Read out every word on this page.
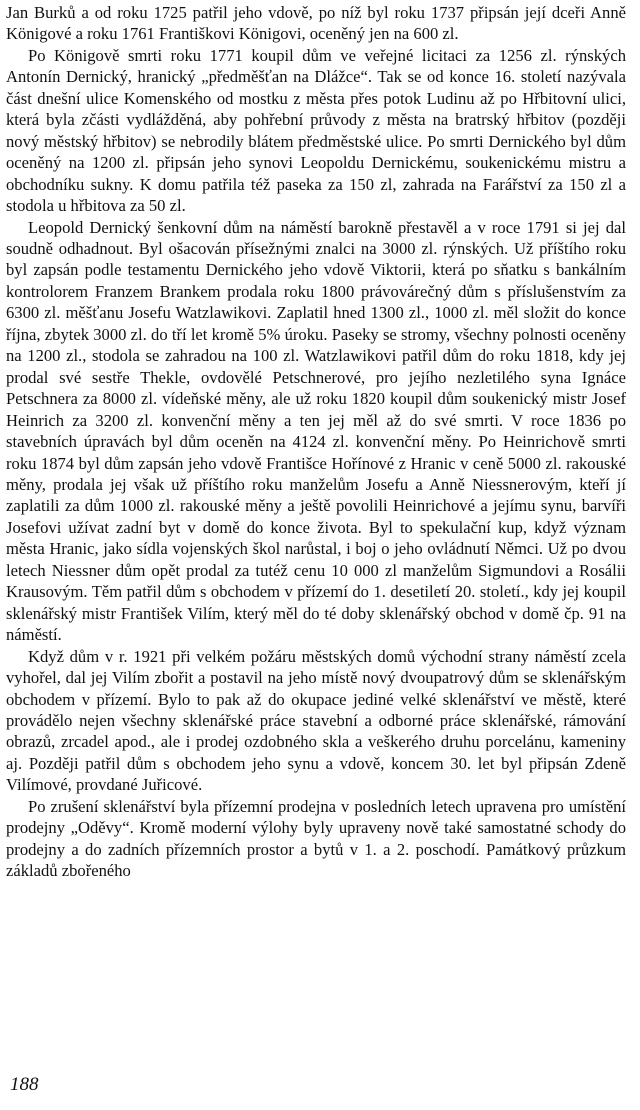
Jan Burků a od roku 1725 patřil jeho vdově, po níž byl roku 1737 připsán její dceři Anně Königové a roku 1761 Františkovi Königovi, oceněný jen na 600 zl.

Po Königově smrti roku 1771 koupil dům ve veřejné licitaci za 1256 zl. rýnských Antonín Dernický, hranický „předměšťan na Dlážce“. Tak se od konce 16. století nazývala část dnešní ulice Komenského od mostku z města přes potok Ludinu až po Hřbitovní ulici, která byla zčásti vydlážděná, aby pohřební průvody z města na bratrský hřbitov (později nový městský hřbitov) se nebrodily blátem předměstské ulice. Po smrti Dernického byl dům oceněný na 1200 zl. připsán jeho synovi Leopoldu Dernickému, soukenickému mistru a obchodníku sukny. K domu patřila též paseka za 150 zl, zahrada na Farářství za 150 zl a stodola u hřbitova za 50 zl.

Leopold Dernický šenkovní dům na náměstí barokně přestavěl a v roce 1791 si jej dal soudně odhadnout. Byl ošacován přísežnými znalci na 3000 zl. rýnských. Už příštího roku byl zapsán podle testamentu Dernického jeho vdově Viktorii, která po sňatku s bankálním kontrolorem Franzem Brankem prodala roku 1800 právovárečný dům s příslušenstvím za 6300 zl. měšťanu Josefu Watzlawikovi. Zaplatil hned 1300 zl., 1000 zl. měl složit do konce října, zbytek 3000 zl. do tří let kromě 5% úroku. Paseky se stromy, všechny polnosti oceněny na 1200 zl., stodola se zahradou na 100 zl. Watzlawikovi patřil dům do roku 1818, kdy jej prodal své sestře Thekle, ovdovělé Petschnerové, pro jejího nezletilého syna Ignáce Petschnera za 8000 zl. vídeňské měny, ale už roku 1820 koupil dům soukenický mistr Josef Heinrich za 3200 zl. konvenční měny a ten jej měl až do své smrti. V roce 1836 po stavebních úpravách byl dům oceněn na 4124 zl. konvenční měny. Po Heinrichově smrti roku 1874 byl dům zapsán jeho vdově Františce Hořínové z Hranic v ceně 5000 zl. rakouské měny, prodala jej však už příštího roku manželům Josefu a Anně Niessnerovým, kteří jí zaplatili za dům 1000 zl. rakouské měny a ještě povolili Heinrichové a jejímu synu, barvíři Josefovi užívat zadní byt v domě do konce života. Byl to spekulační kup, když význam města Hranic, jako sídla vojenských škol narůstal, i boj o jeho ovládnutí Němci. Už po dvou letech Niessner dům opět prodal za tutéž cenu 10 000 zl manželům Sigmundovi a Rosálii Krausovým. Těm patřil dům s obchodem v přízemí do 1. desetiletí 20. století., kdy jej koupil sklenářský mistr František Vilím, který měl do té doby sklenářský obchod v domě čp. 91 na náměstí.

Když dům v r. 1921 při velkém požáru městských domů východní strany náměstí zcela vyhořel, dal jej Vilím zbořit a postavil na jeho místě nový dvoupatrový dům se sklenářským obchodem v přízemí. Bylo to pak až do okupace jediné velké sklenářství ve městě, které provádělo nejen všechny sklenářské práce stavební a odborné práce sklenářské, rámování obrazů, zrcadel apod., ale i prodej ozdobného skla a veškerého druhu porcelánu, kameniny aj. Později patřil dům s obchodem jeho synu a vdově, koncem 30. let byl připsán Zdeně Vilímové, provdané Juřicové.

Po zrušení sklenářství byla přízemní prodejna v posledních letech upravena pro umístění prodejny „Oděvy“. Kromě moderní výlohy byly upraveny nově také samostatné schody do prodejny a do zadních přízemních prostor a bytů v 1. a 2. poschodí. Památkový průzkum základů zbořeného

188
